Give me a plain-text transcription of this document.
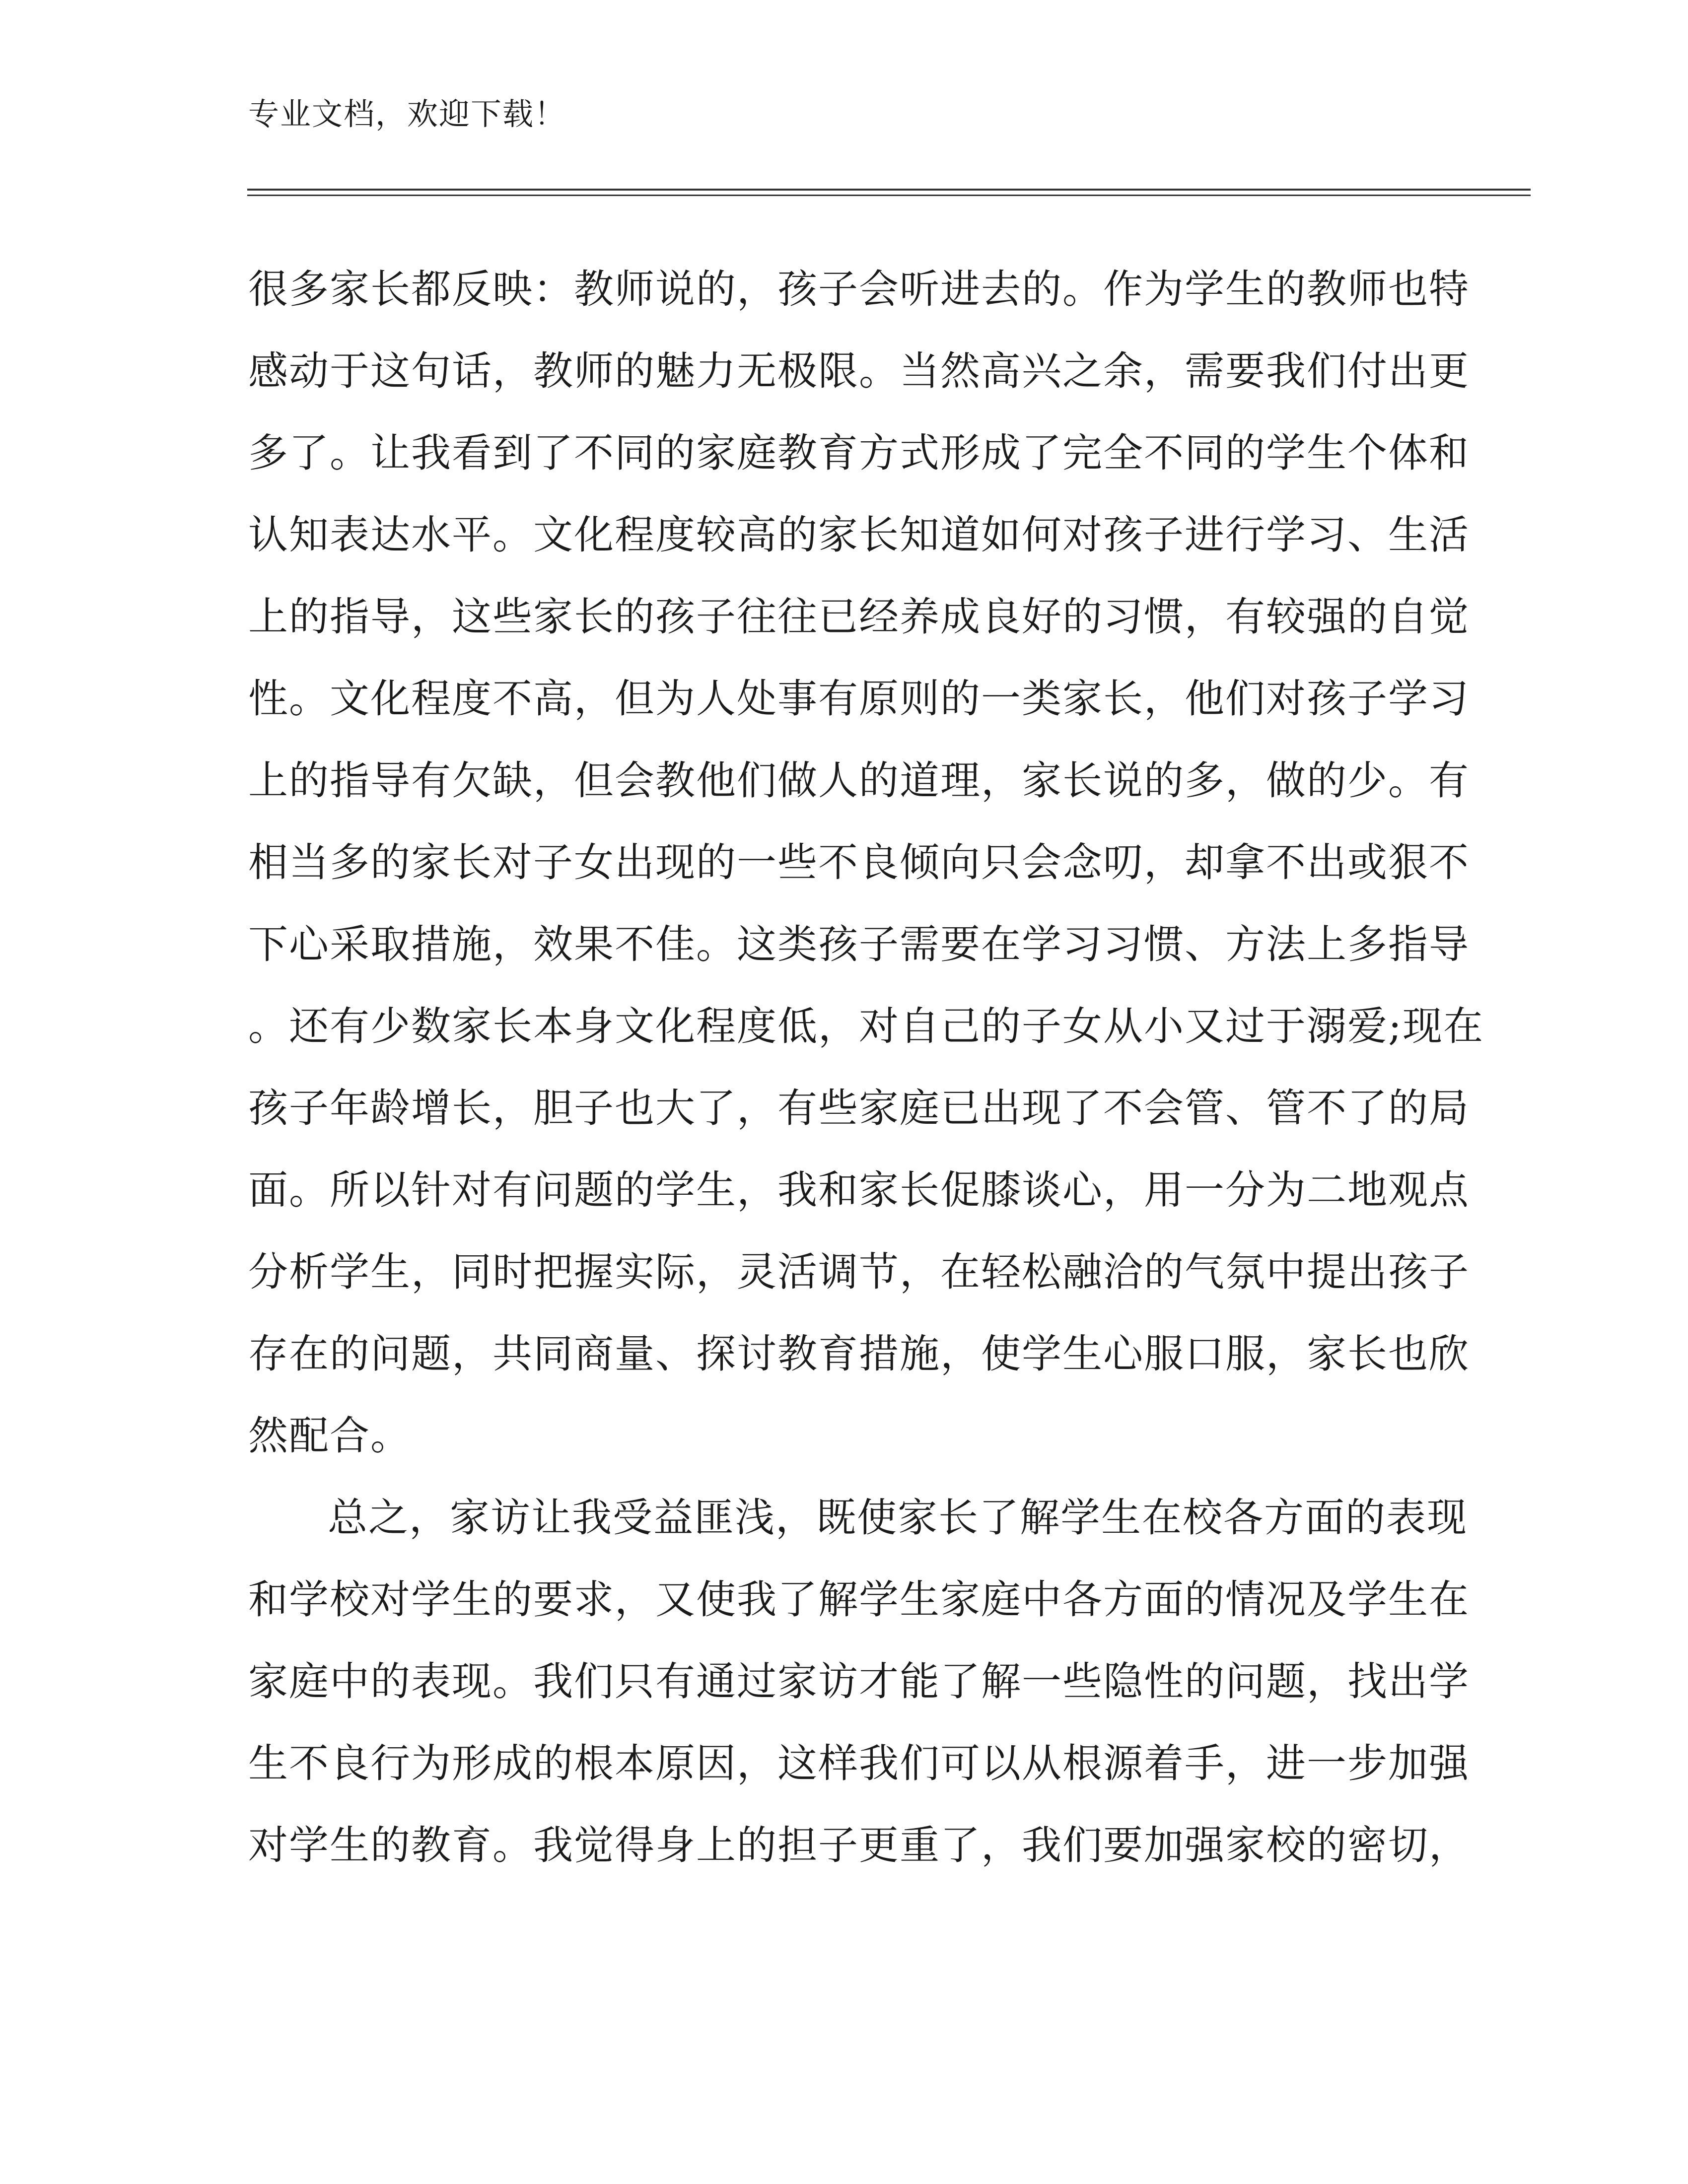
专业文档，欢迎下载！
很多家长都反映：教师说的，孩子会听进去的。作为学生的教师也特
感动于这句话，教师的魅力无极限。当然高兴之余，需要我们付出更
多了。让我看到了不同的家庭教育方式形成了完全不同的学生个体和
认知表达水平。文化程度较高的家长知道如何对孩子进行学习、生活
上的指导，这些家长的孩子往往已经养成良好的习惯，有较强的自觉
性。文化程度不高，但为人处事有原则的一类家长，他们对孩子学习
上的指导有欠缺，但会教他们做人的道理，家长说的多，做的少。有
相当多的家长对子女出现的一些不良倾向只会念叨，却拿不出或狠不
下心采取措施，效果不佳。这类孩子需要在学习习惯、方法上多指导
。还有少数家长本身文化程度低，对自己的子女从小又过于溺爱;现在
孩子年龄增长，胆子也大了，有些家庭已出现了不会管、管不了的局
面。所以针对有问题的学生，我和家长促膝谈心，用一分为二地观点
分析学生，同时把握实际，灵活调节，在轻松融洽的气氛中提出孩子
存在的问题，共同商量、探讨教育措施，使学生心服口服，家长也欣
然配合。
总之，家访让我受益匪浅，既使家长了解学生在校各方面的表现
和学校对学生的要求，又使我了解学生家庭中各方面的情况及学生在
家庭中的表现。我们只有通过家访才能了解一些隐性的问题，找出学
生不良行为形成的根本原因，这样我们可以从根源着手，进一步加强
对学生的教育。我觉得身上的担子更重了，我们要加强家校的密切，
